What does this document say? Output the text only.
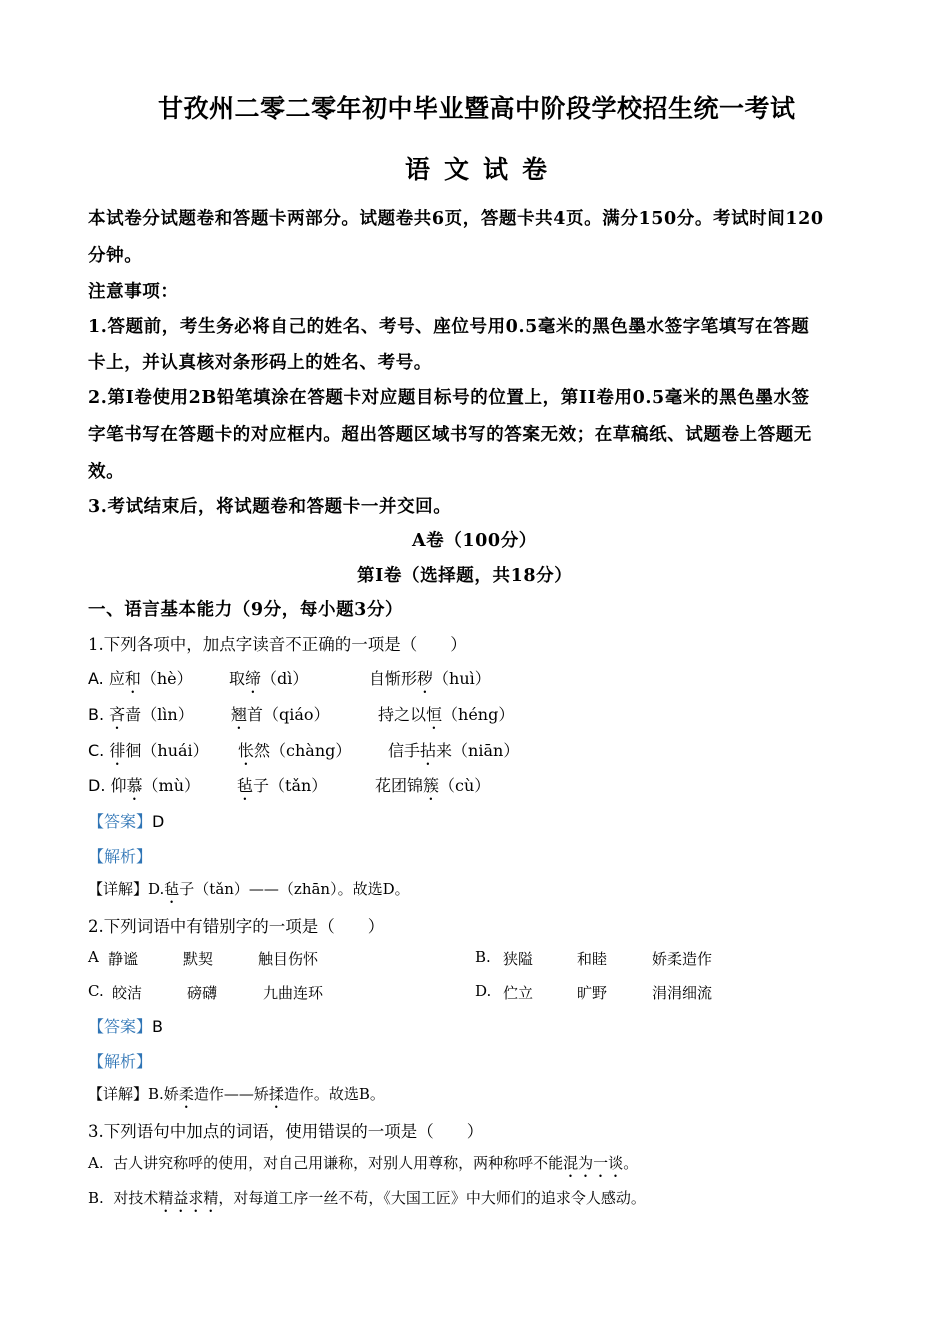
甘孜州二零二零年初中毕业暨高中阶段学校招生统一考试
语文试卷
本试卷分试题卷和答题卡两部分。试题卷共6页，答题卡共4页。满分150分。考试时间120
分钟。
注意事项：
1.答题前，考生务必将自己的姓名、考号、座位号用0.5毫米的黑色墨水签字笔填写在答题
卡上，并认真核对条形码上的姓名、考号。
2.第Ⅰ卷使用2B铅笔填涂在答题卡对应题目标号的位置上，第II卷用0.5毫米的黑色墨水签
字笔书写在答题卡的对应框内。超出答题区域书写的答案无效；在草稿纸、试题卷上答题无
效。
3.考试结束后，将试题卷和答题卡一并交回。
A卷（100分）
第Ⅰ卷（选择题，共18分）
一、语言基本能力（9分，每小题3分）
1.下列各项中，加点字读音不正确的一项是（　　）
A. 应和（hè） 取缔（dì）	自惭形秽（huì）
B. 吝啬（lìn） 翘首（qiáo）	持之以恒（héng）
C. 徘徊（huái） 怅然（chàng） 信手拈来（niān）
D. 仰慕（mù） 毡子（tǎn）	花团锦簇（cù）
【答案】D
【解析】
【详解】D.毡子（tǎn）——（zhān）。故选D。
2.下列词语中有错别字的一项是（　　）
A 静谧	默契	触目伤怀	B. 狭隘	和睦	娇柔造作
C. 皎洁	磅礴	九曲连环	D. 伫立	旷野	涓涓细流
【答案】B
【解析】
【详解】B.娇柔造作——矫揉造作。故选B。
3.下列语句中加点的词语，使用错误的一项是（　　）
A. 古人讲究称呼的使用，对自己用谦称，对别人用尊称，两种称呼不能混为一谈。
B. 对技术精益求精，对每道工序一丝不苟，《大国工匠》中大师们的追求令人感动。
